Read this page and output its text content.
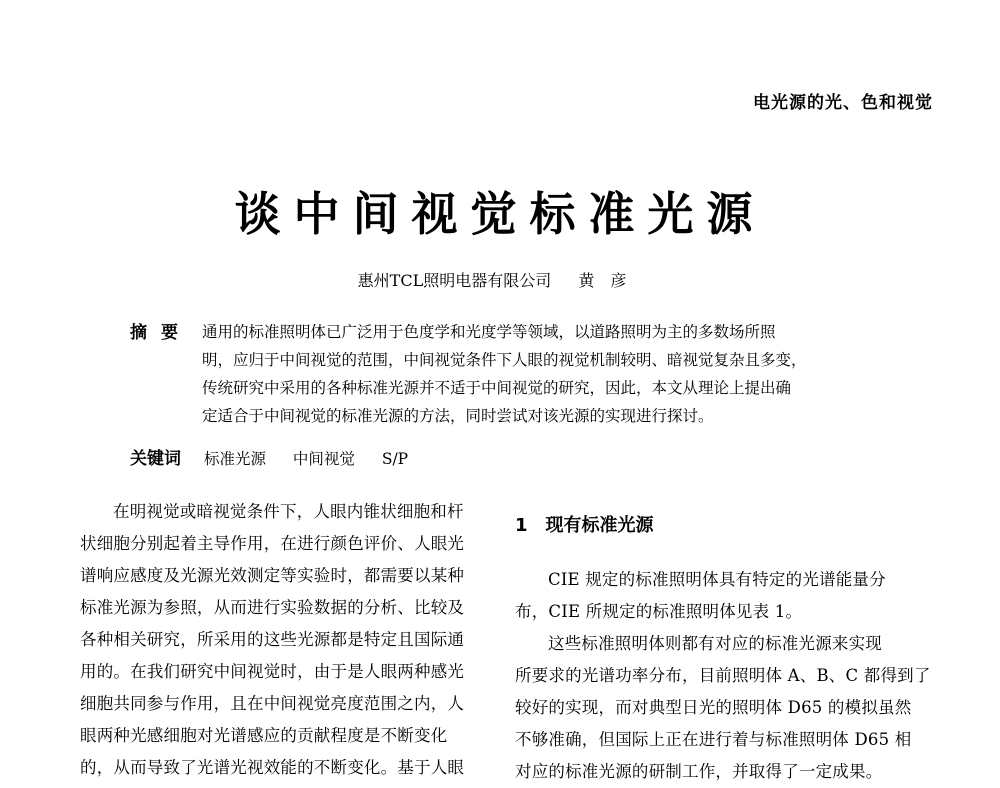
电光源的光、色和视觉
谈中间视觉标准光源
惠州TCL照明电器有限公司 黄彦
摘要 通用的标准照明体已广泛用于色度学和光度学等领域，以道路照明为主的多数场所照
明，应归于中间视觉的范围，中间视觉条件下人眼的视觉机制较明、暗视觉复杂且多变，
传统研究中采用的各种标准光源并不适于中间视觉的研究，因此，本文从理论上提出确
定适合于中间视觉的标准光源的方法，同时尝试对该光源的实现进行探讨。
关键词 标准光源 中间视觉 S/P
在明视觉或暗视觉条件下，人眼内锥状细胞和杆
状细胞分别起着主导作用，在进行颜色评价、人眼光
谱响应感度及光源光效测定等实验时，都需要以某种
标准光源为参照，从而进行实验数据的分析、比较及
各种相关研究，所采用的这些光源都是特定且国际通
用的。在我们研究中间视觉时，由于是人眼两种感光
细胞共同参与作用，且在中间视觉亮度范围之内，人
眼两种光感细胞对光谱感应的贡献程度是不断变化
的，从而导致了光谱光视效能的不断变化。基于人眼
1 现有标准光源
CIE 规定的标准照明体具有特定的光谱能量分
布，CIE 所规定的标准照明体见表 1。
这些标准照明体则都有对应的标准光源来实现
所要求的光谱功率分布，目前照明体 A、B、C 都得到了
较好的实现，而对典型日光的照明体 D65 的模拟虽然
不够准确，但国际上正在进行着与标准照明体 D65 相
对应的标准光源的研制工作，并取得了一定成果。
